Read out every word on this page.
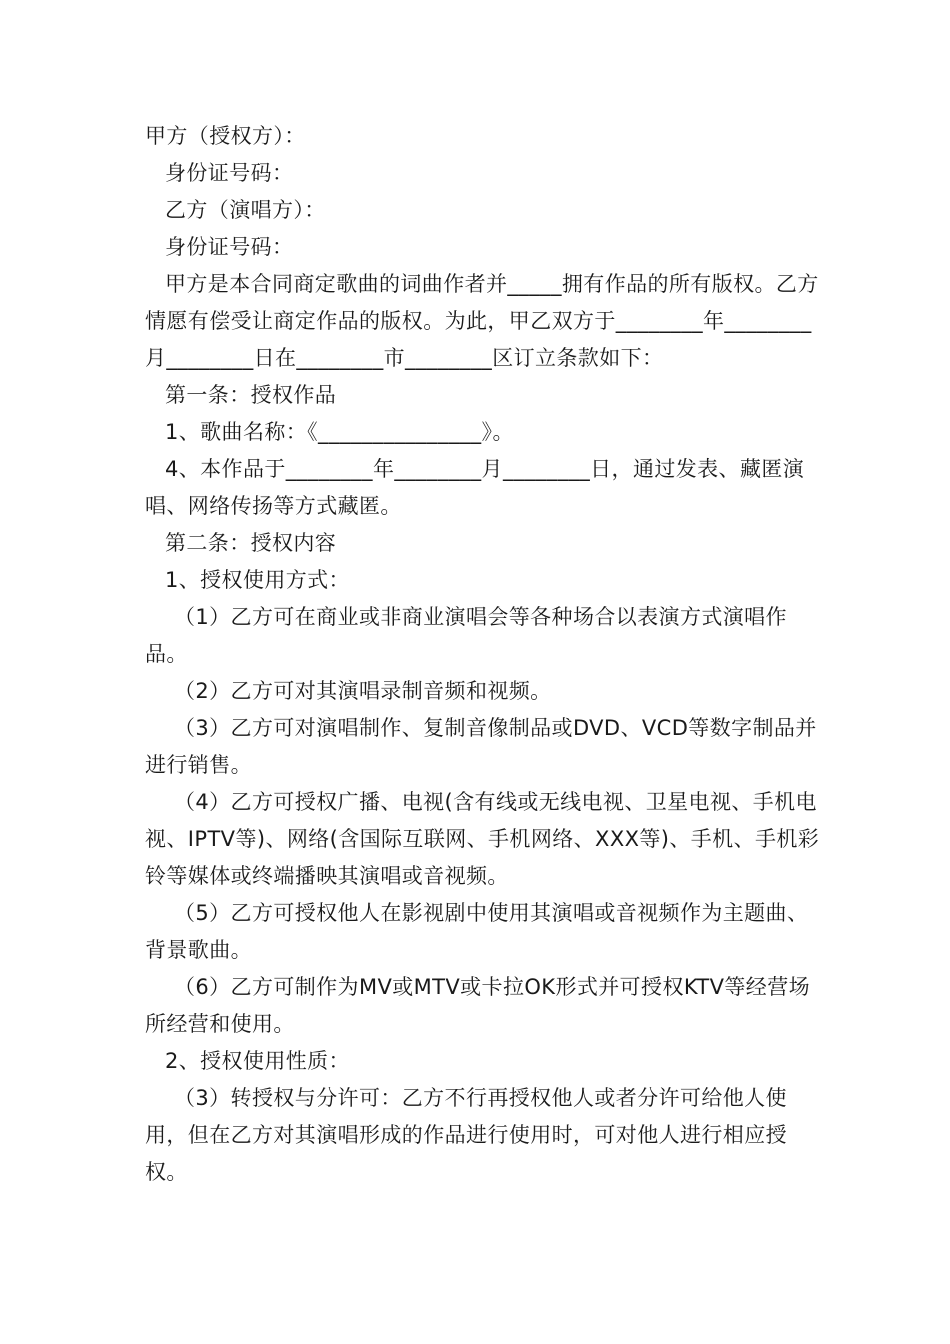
甲方（授权方）：

身份证号码：

乙方（演唱方）：

身份证号码：

甲方是本合同商定歌曲的词曲作者并_____拥有作品的所有版权。乙方情愿有偿受让商定作品的版权。为此，甲乙双方于________年________月________日在________市________区订立条款如下：

第一条：授权作品

1、歌曲名称：《_______________》。

4、本作品于________年________月________日，通过发表、藏匿演唱、网络传扬等方式藏匿。

第二条：授权内容

1、授权使用方式：

（1）乙方可在商业或非商业演唱会等各种场合以表演方式演唱作品。

（2）乙方可对其演唱录制音频和视频。

（3）乙方可对演唱制作、复制音像制品或DVD、VCD等数字制品并进行销售。

（4）乙方可授权广播、电视(含有线或无线电视、卫星电视、手机电视、IPTV等)、网络(含国际互联网、手机网络、XXX等)、手机、手机彩铃等媒体或终端播映其演唱或音视频。

（5）乙方可授权他人在影视剧中使用其演唱或音视频作为主题曲、背景歌曲。

（6）乙方可制作为MV或MTV或卡拉OK形式并可授权KTV等经营场所经营和使用。

2、授权使用性质：

（3）转授权与分许可：乙方不行再授权他人或者分许可给他人使用，但在乙方对其演唱形成的作品进行使用时，可对他人进行相应授权。
